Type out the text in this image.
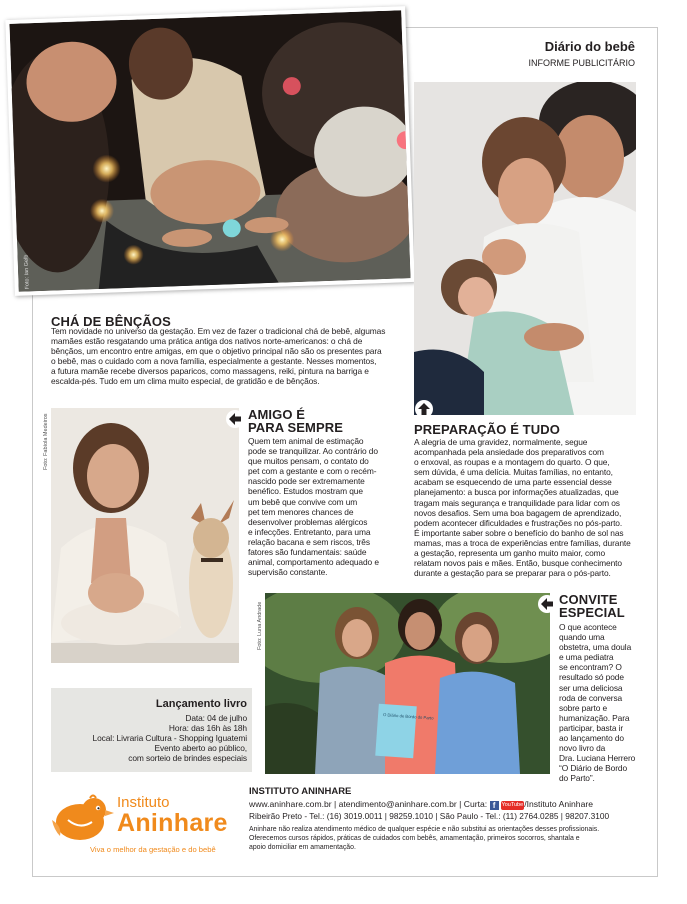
Diário do bebê
INFORME PUBLICITÁRIO
Foto: Ian Gelb
CHÁ DE BÊNÇÃOS
Tem novidade no universo da gestação. Em vez de fazer o tradicional chá de bebê, algumas
mamães estão resgatando uma prática antiga dos nativos norte-americanos: o chá de
bênçãos, um encontro entre amigas, em que o objetivo principal não são os presentes para
o bebê, mas o cuidado com a nova família, especialmente a gestante. Nesses momentos,
a futura mamãe recebe diversos paparicos, como massagens, reiki, pintura na barriga e
escalda-pés. Tudo em um clima muito especial, de gratidão e de bênçãos.
Foto: Fabíola Medeiros	AMIGO É
PARA SEMPRE
Quem tem animal de estimação
pode se tranquilizar. Ao contrário do
que muitos pensam, o contato do
pet com a gestante e com o recém-
nascido pode ser extremamente
benéfico. Estudos mostram que
um bebê que convive com um
pet tem menores chances de
desenvolver problemas alérgicos
e infecções. Entretanto, para uma
relação bacana e sem riscos, três
fatores são fundamentais: saúde
animal, comportamento adequado e
supervisão constante.
PREPARAÇÃO É TUDO
A alegria de uma gravidez, normalmente, segue
acompanhada pela ansiedade dos preparativos com
o enxoval, as roupas e a montagem do quarto. O que,
sem dúvida, é uma delícia. Muitas famílias, no entanto,
acabam se esquecendo de uma parte essencial desse
planejamento: a busca por informações atualizadas, que
tragam mais segurança e tranquilidade para lidar com os
novos desafios. Sem uma boa bagagem de aprendizado,
podem acontecer dificuldades e frustrações no pós-parto.
É importante saber sobre o benefício do banho de sol nas
mamas, mas a troca de experiências entre famílias, durante
a gestação, representa um ganho muito maior, como
relatam novos pais e mães. Então, busque conhecimento
durante a gestação para se preparar para o pós-parto.
O Diário de Bordo do Parto
Foto: Luna Andrade
CONVITE
ESPECIAL
O que acontece
quando uma
obstetra, uma doula
e uma pediatra
se encontram? O
resultado só pode
ser uma deliciosa
roda de conversa
sobre parto e
humanização. Para
participar, basta ir
ao lançamento do
novo livro da
Dra. Luciana Herrero
“O Diário de Bordo
do Parto”.
Lançamento livro
Data: 04 de julho
Hora: das 16h às 18h
Local: Livraria Cultura - Shopping Iguatemi
Evento aberto ao público,
com sorteio de brindes especiais
Instituto
Aninhare
Viva o melhor da gestação e do bebê
INSTITUTO ANINHARE
www.aninhare.com.br | atendimento@aninhare.com.br | Curta: f YouTube/Instituto Aninhare
Ribeirão Preto - Tel.: (16) 3019.0011 | 98259.1010 | São Paulo - Tel.: (11) 2764.0285 | 98207.3100
Aninhare não realiza atendimento médico de qualquer espécie e não substitui as orientações desses profissionais.
Oferecemos cursos rápidos, práticas de cuidados com bebês, amamentação, primeiros socorros, shantala e
apoio domiciliar em amamentação.
